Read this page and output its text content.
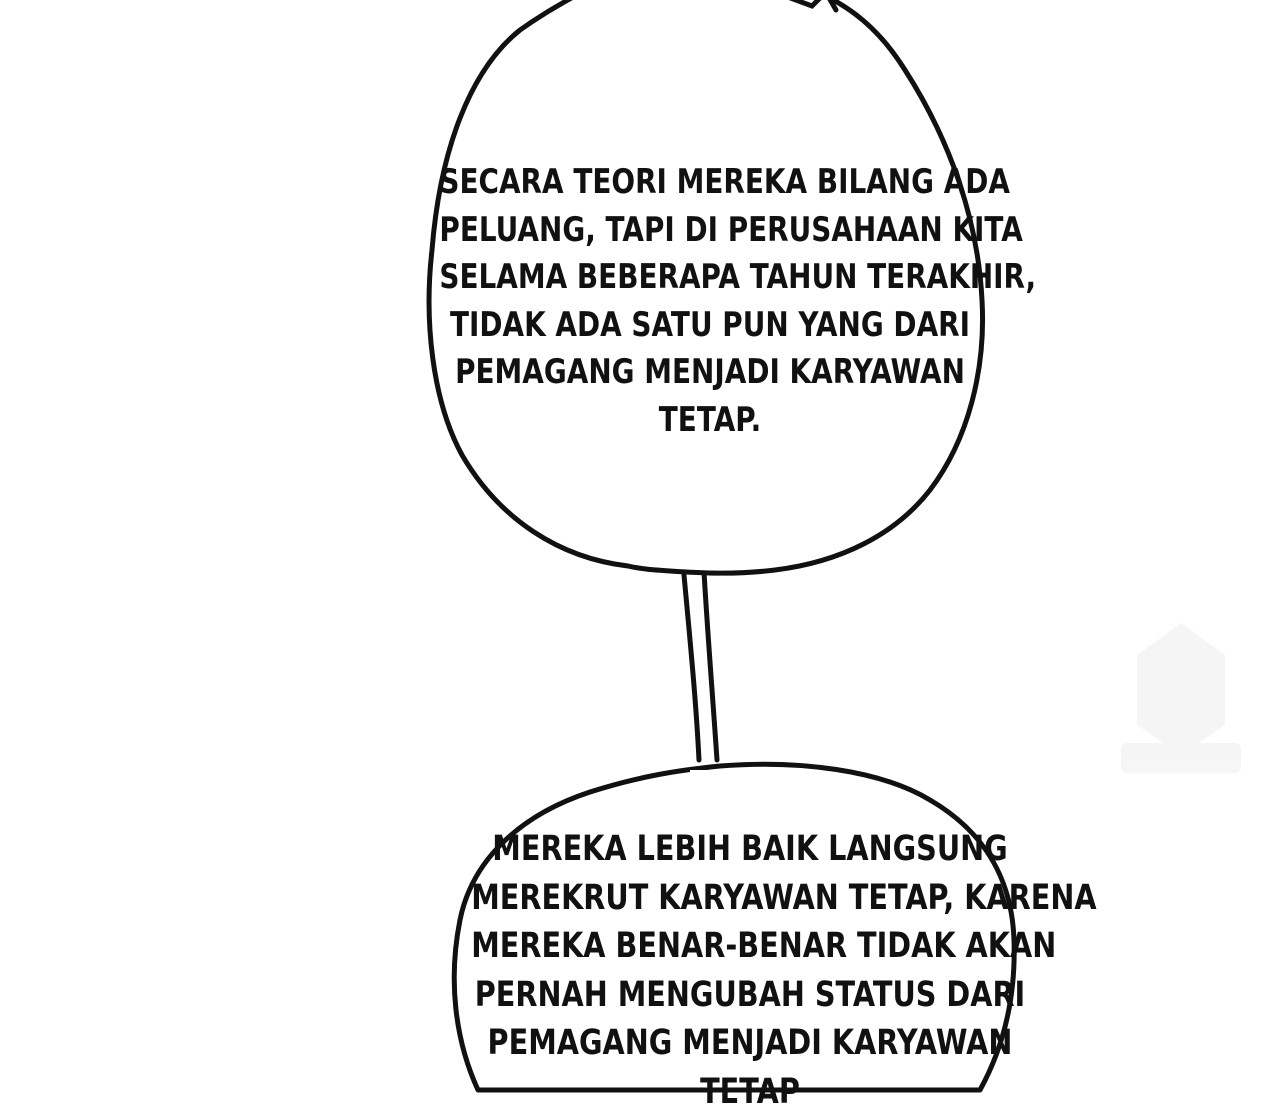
SECARA TEORI MEREKA BILANG ADA
PELUANG, TAPI DI PERUSAHAAN KITA
SELAMA BEBERAPA TAHUN TERAKHIR,
TIDAK ADA SATU PUN YANG DARI
PEMAGANG MENJADI KARYAWAN
TETAP.

MEREKA LEBIH BAIK LANGSUNG
MEREKRUT KARYAWAN TETAP, KARENA
MEREKA BENAR-BENAR TIDAK AKAN
PERNAH MENGUBAH STATUS DARI
PEMAGANG MENJADI KARYAWAN
TETAP
